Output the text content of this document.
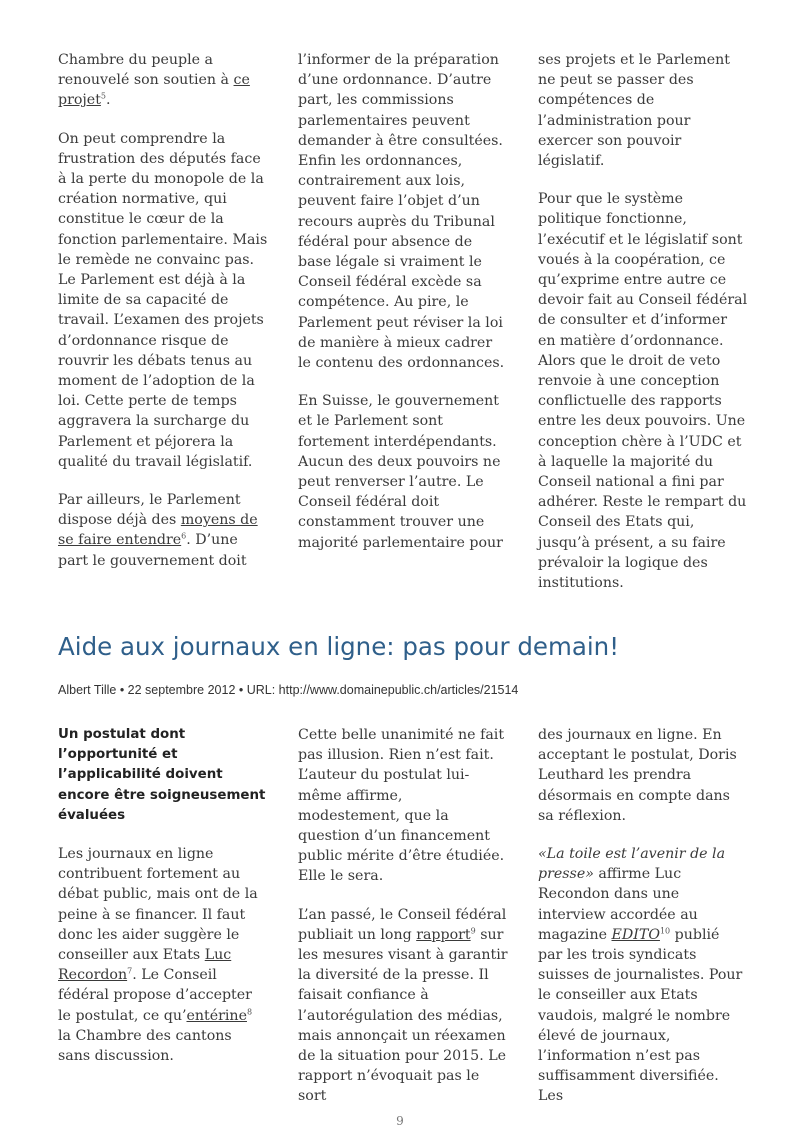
Chambre du peuple a renouvelé son soutien à ce projet$^5$.

On peut comprendre la frustration des députés face à la perte du monopole de la création normative, qui constitue le cœur de la fonction parlementaire. Mais le remède ne convainc pas. Le Parlement est déjà à la limite de sa capacité de travail. L’examen des projets d’ordonnance risque de rouvrir les débats tenus au moment de l’adoption de la loi. Cette perte de temps aggravera la surcharge du Parlement et péjorera la qualité du travail législatif.

Par ailleurs, le Parlement dispose déjà des moyens de se faire entendre$^6$. D’une part le gouvernement doit

l’informer de la préparation d’une ordonnance. D’autre part, les commissions parlementaires peuvent demander à être consultées. Enfin les ordonnances, contrairement aux lois, peuvent faire l’objet d’un recours auprès du Tribunal fédéral pour absence de base légale si vraiment le Conseil fédéral excède sa compétence. Au pire, le Parlement peut réviser la loi de manière à mieux cadrer le contenu des ordonnances.

En Suisse, le gouvernement et le Parlement sont fortement interdépendants. Aucun des deux pouvoirs ne peut renverser l’autre. Le Conseil fédéral doit constamment trouver une majorité parlementaire pour

ses projets et le Parlement ne peut se passer des compétences de l’administration pour exercer son pouvoir législatif.

Pour que le système politique fonctionne, l’exécutif et le législatif sont voués à la coopération, ce qu’exprime entre autre ce devoir fait au Conseil fédéral de consulter et d’informer en matière d’ordonnance. Alors que le droit de veto renvoie à une conception conflictuelle des rapports entre les deux pouvoirs. Une conception chère à l’UDC et à laquelle la majorité du Conseil national a fini par adhérer. Reste le rempart du Conseil des Etats qui, jusqu’à présent, a su faire prévaloir la logique des institutions.

Aide aux journaux en ligne: pas pour demain!
Albert Tille • 22 septembre 2012 • URL: http://www.domainepublic.ch/articles/21514

Un postulat dont l’opportunité et l’applicabilité doivent encore être soigneusement évaluées

Les journaux en ligne contribuent fortement au débat public, mais ont de la peine à se financer. Il faut donc les aider suggère le conseiller aux Etats Luc Recordon$^7$. Le Conseil fédéral propose d’accepter le postulat, ce qu’entérine$^8$ la Chambre des cantons sans discussion.

Cette belle unanimité ne fait pas illusion. Rien n’est fait. L’auteur du postulat lui-même affirme, modestement, que la question d’un financement public mérite d’être étudiée. Elle le sera.

L’an passé, le Conseil fédéral publiait un long rapport$^9$ sur les mesures visant à garantir la diversité de la presse. Il faisait confiance à l’autorégulation des médias, mais annonçait un réexamen de la situation pour 2015. Le rapport n’évoquait pas le sort

des journaux en ligne. En acceptant le postulat, Doris Leuthard les prendra désormais en compte dans sa réflexion.

«La toile est l’avenir de la presse» affirme Luc Recondon dans une interview accordée au magazine EDITO$^{10}$ publié par les trois syndicats suisses de journalistes. Pour le conseiller aux Etats vaudois, malgré le nombre élevé de journaux, l’information n’est pas suffisamment diversifiée. Les

9
